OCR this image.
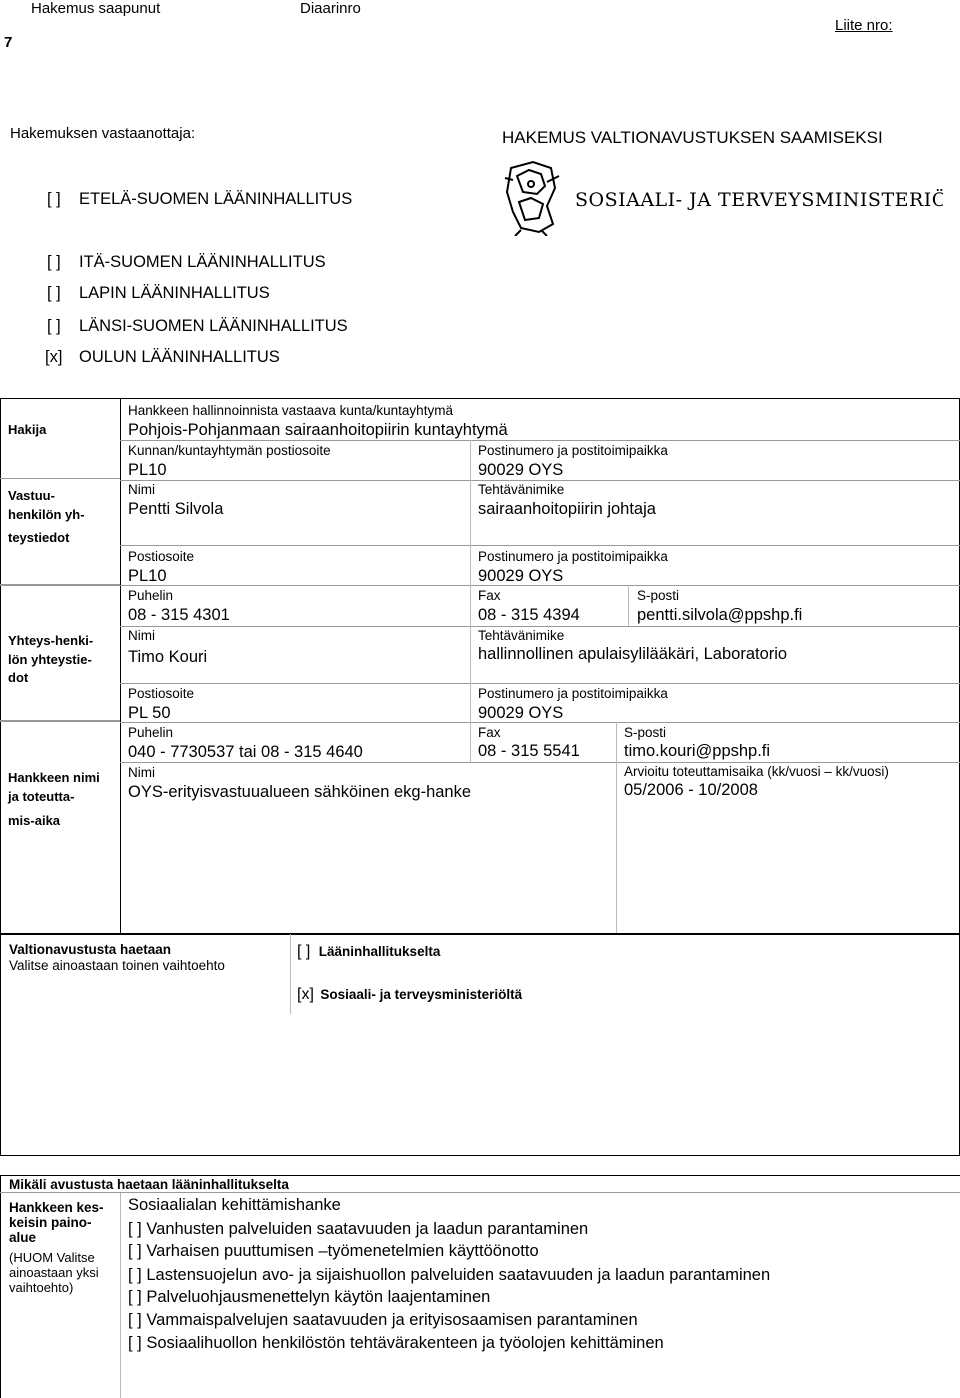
Hakemus saapunut	Diaarinro
7
Liite nro:
Hakemuksen vastaanottaja:	HAKEMUS VALTIONAVUSTUKSEN SAAMISEKSI
SOSIAALI- JA TERVEYSMINISTERIÖ
[ ] ETELÄ-SUOMEN LÄÄNINHALLITUS
[ ] ITÄ-SUOMEN LÄÄNINHALLITUS
[ ] LAPIN LÄÄNINHALLITUS
[ ] LÄNSI-SUOMEN LÄÄNINHALLITUS
[x] OULUN LÄÄNINHALLITUS
Hakija
Vastuu-
henkilön yh-
teystiedot
Yhteys-henki-
lön yhteystie-
dot
Hankkeen nimi
ja toteutta-
mis-aika
Hankkeen hallinnoinnista vastaava kunta/kuntayhtymä
Pohjois-Pohjanmaan sairaanhoitopiirin kuntayhtymä
Kunnan/kuntayhtymän postiosoite
PL10
Postinumero ja postitoimipaikka
90029 OYS
Nimi
Pentti Silvola
Tehtävänimike
sairaanhoitopiirin johtaja
Postiosoite
PL10
Postinumero ja postitoimipaikka
90029 OYS
Puhelin
08 - 315 4301
Fax
08 - 315 4394
S-posti
pentti.silvola@ppshp.fi
Nimi
Timo Kouri
Tehtävänimike
hallinnollinen apulaisylilääkäri, Laboratorio
Postiosoite
PL 50
Postinumero ja postitoimipaikka
90029 OYS
Puhelin
040 - 7730537 tai 08 - 315 4640
Fax
08 - 315 5541
S-posti
timo.kouri@ppshp.fi
Nimi
OYS-erityisvastuualueen sähköinen ekg-hanke
Arvioitu toteuttamisaika (kk/vuosi – kk/vuosi)
05/2006 - 10/2008
Valtionavustusta haetaan
Valitse ainoastaan toinen vaihtoehto
[ ] Lääninhallitukselta
[x] Sosiaali- ja terveysministeriöltä
Mikäli avustusta haetaan lääninhallitukselta
Hankkeen kes-
keisin paino-
alue
(HUOM Valitse
ainoastaan yksi
vaihtoehto)
Sosiaalialan kehittämishanke
[ ] Vanhusten palveluiden saatavuuden ja laadun parantaminen
[ ] Varhaisen puuttumisen –työmenetelmien käyttöönotto
[ ] Lastensuojelun avo- ja sijaishuollon palveluiden saatavuuden ja laadun parantaminen
[ ] Palveluohjausmenettelyn käytön laajentaminen
[ ] Vammaispalvelujen saatavuuden ja erityisosaamisen parantaminen
[ ] Sosiaalihuollon henkilöstön tehtävärakenteen ja työolojen kehittäminen
